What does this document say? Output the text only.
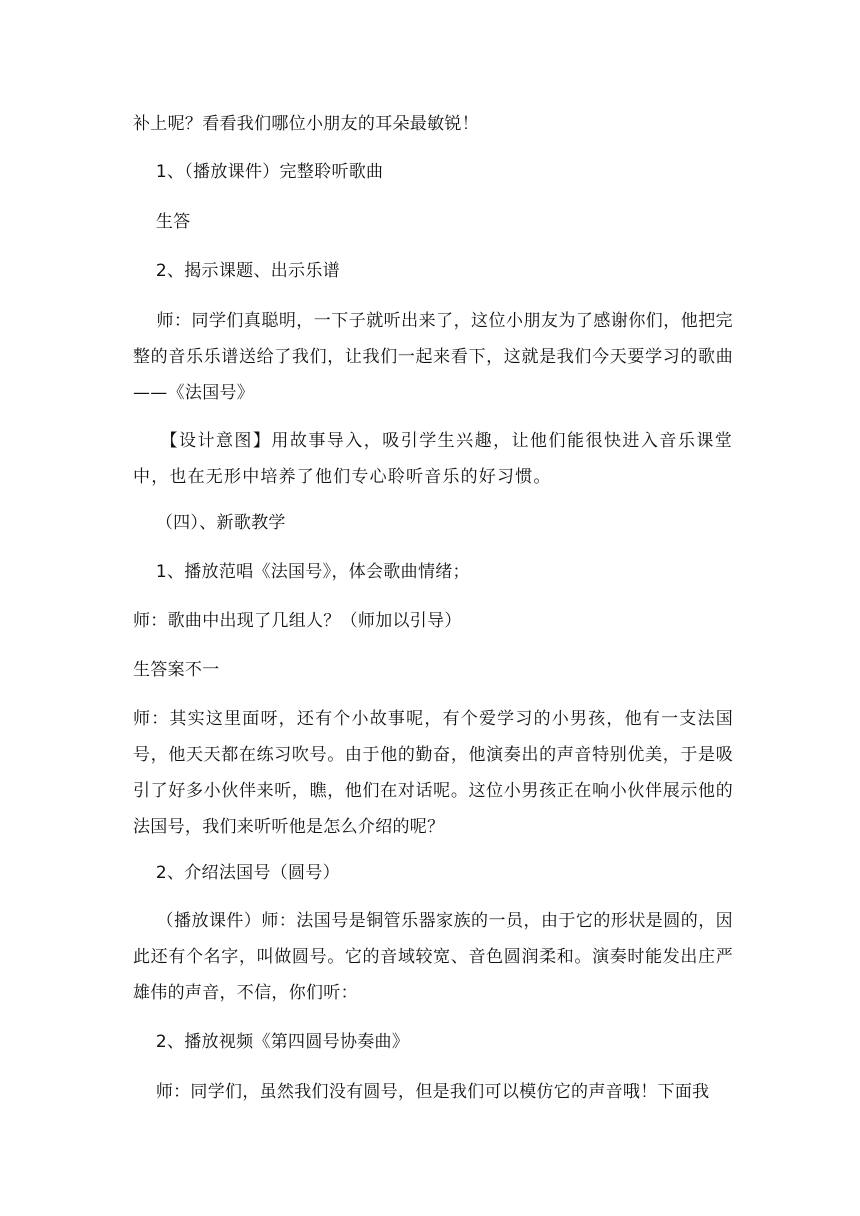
补上呢？看看我们哪位小朋友的耳朵最敏锐！

1、（播放课件）完整聆听歌曲

生答

2、揭示课题、出示乐谱

师：同学们真聪明，一下子就听出来了，这位小朋友为了感谢你们，他把完整的音乐乐谱送给了我们，让我们一起来看下，这就是我们今天要学习的歌曲——《法国号》

【设计意图】用故事导入，吸引学生兴趣，让他们能很快进入音乐课堂中，也在无形中培养了他们专心聆听音乐的好习惯。

（四）、新歌教学

1、播放范唱《法国号》，体会歌曲情绪；

师：歌曲中出现了几组人？（师加以引导）

生答案不一

师：其实这里面呀，还有个小故事呢，有个爱学习的小男孩，他有一支法国号，他天天都在练习吹号。由于他的勤奋，他演奏出的声音特别优美，于是吸引了好多小伙伴来听，瞧，他们在对话呢。这位小男孩正在响小伙伴展示他的法国号，我们来听听他是怎么介绍的呢？

2、介绍法国号（圆号）

（播放课件）师：法国号是铜管乐器家族的一员，由于它的形状是圆的，因此还有个名字，叫做圆号。它的音域较宽、音色圆润柔和。演奏时能发出庄严雄伟的声音，不信，你们听：

2、播放视频《第四圆号协奏曲》

师：同学们，虽然我们没有圆号，但是我们可以模仿它的声音哦！下面我
